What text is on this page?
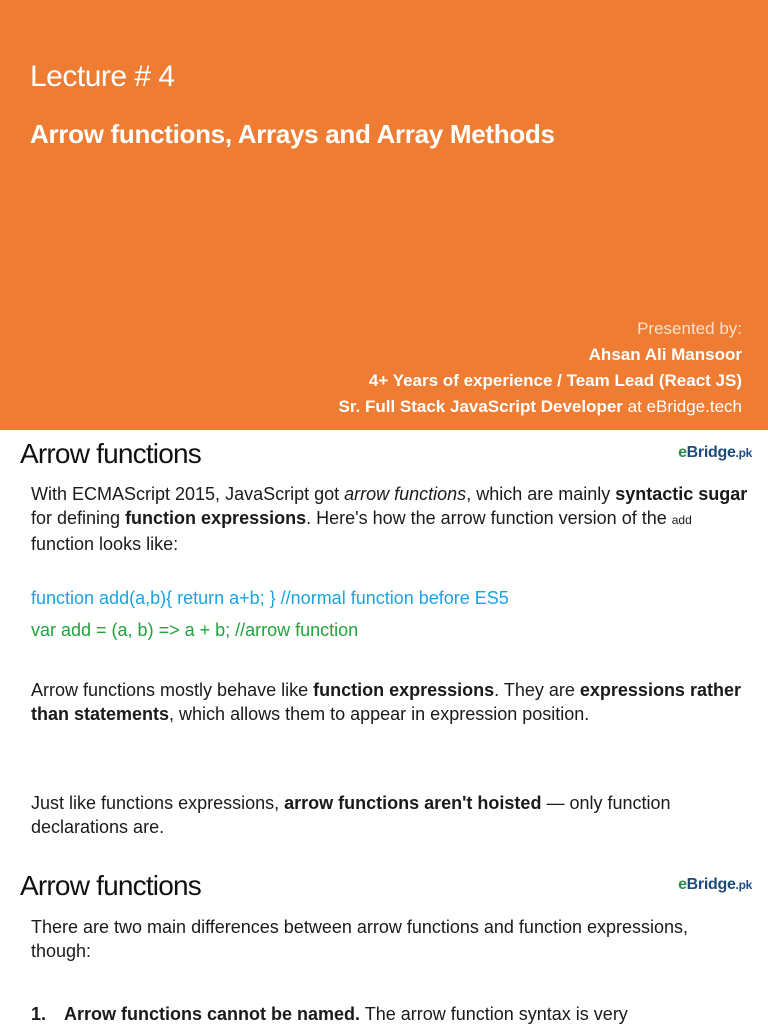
Lecture # 4
Arrow functions, Arrays and Array Methods
Presented by:
Ahsan Ali Mansoor
4+ Years of experience / Team Lead (React JS)
Sr. Full Stack JavaScript Developer at eBridge.tech
Arrow functions	eBridge.pk

With ECMAScript 2015, JavaScript got arrow functions, which are mainly syntactic sugar for defining function expressions. Here's how the arrow function version of the add function looks like:

function add(a,b){ return a+b; } //normal function before ES5
var add = (a, b) => a + b; //arrow function

Arrow functions mostly behave like function expressions. They are expressions rather than statements, which allows them to appear in expression position.

Just like functions expressions, arrow functions aren't hoisted — only function declarations are.

Arrow functions	eBridge.pk

There are two main differences between arrow functions and function expressions, though:

1. Arrow functions cannot be named. The arrow function syntax is very
